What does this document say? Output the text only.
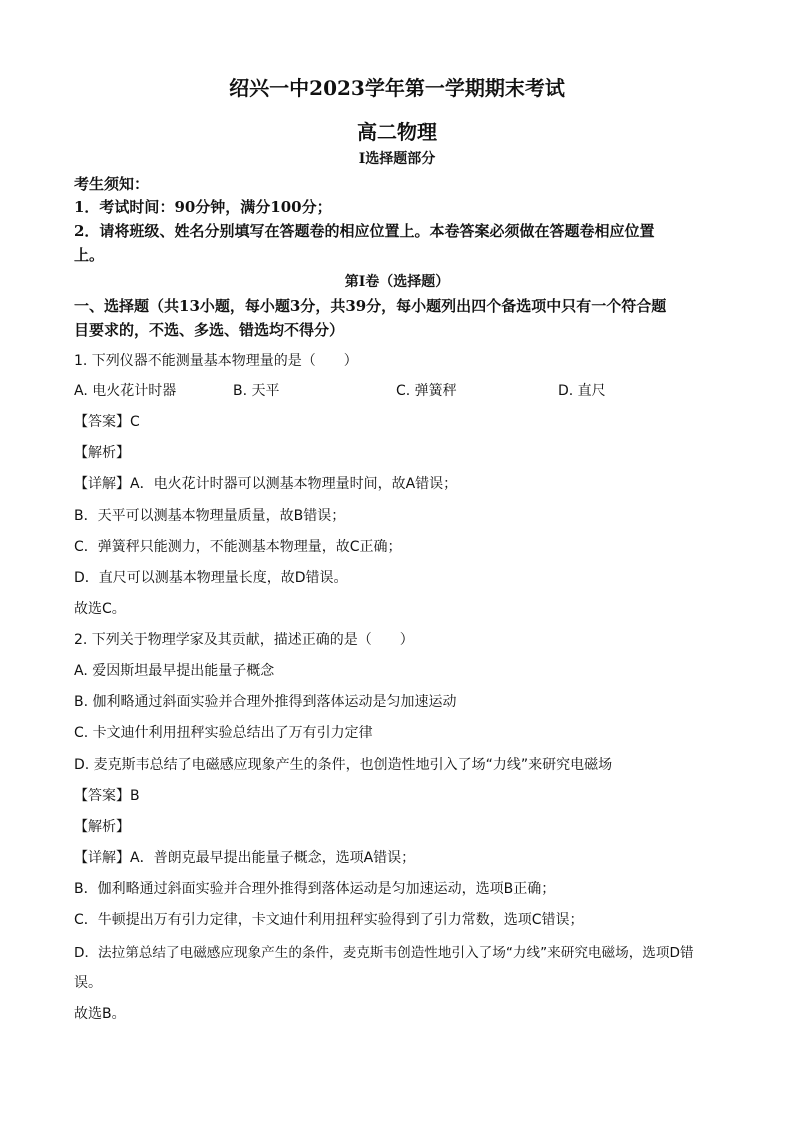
绍兴一中2023学年第一学期期末考试
高二物理
Ⅰ选择题部分
考生须知：
1．考试时间：90分钟，满分100分；
2．请将班级、姓名分别填写在答题卷的相应位置上。本卷答案必须做在答题卷相应位置
上。
第Ⅰ卷（选择题）
一、选择题（共13小题，每小题3分，共39分，每小题列出四个备选项中只有一个符合题
目要求的，不选、多选、错选均不得分）
1. 下列仪器不能测量基本物理量的是（　　）
A. 电火花计时器	B. 天平	C. 弹簧秤	D. 直尺
【答案】C
【解析】
【详解】A．电火花计时器可以测基本物理量时间，故A错误；
B．天平可以测基本物理量质量，故B错误；
C．弹簧秤只能测力，不能测基本物理量，故C正确；
D．直尺可以测基本物理量长度，故D错误。
故选C。
2. 下列关于物理学家及其贡献，描述正确的是（　　）
A. 爱因斯坦最早提出能量子概念
B. 伽利略通过斜面实验并合理外推得到落体运动是匀加速运动
C. 卡文迪什利用扭秤实验总结出了万有引力定律
D. 麦克斯韦总结了电磁感应现象产生的条件，也创造性地引入了场“力线”来研究电磁场
【答案】B
【解析】
【详解】A．普朗克最早提出能量子概念，选项A错误；
B．伽利略通过斜面实验并合理外推得到落体运动是匀加速运动，选项B正确；
C．牛顿提出万有引力定律，卡文迪什利用扭秤实验得到了引力常数，选项C错误；
D．法拉第总结了电磁感应现象产生的条件，麦克斯韦创造性地引入了场“力线”来研究电磁场，选项D错
误。
故选B。
